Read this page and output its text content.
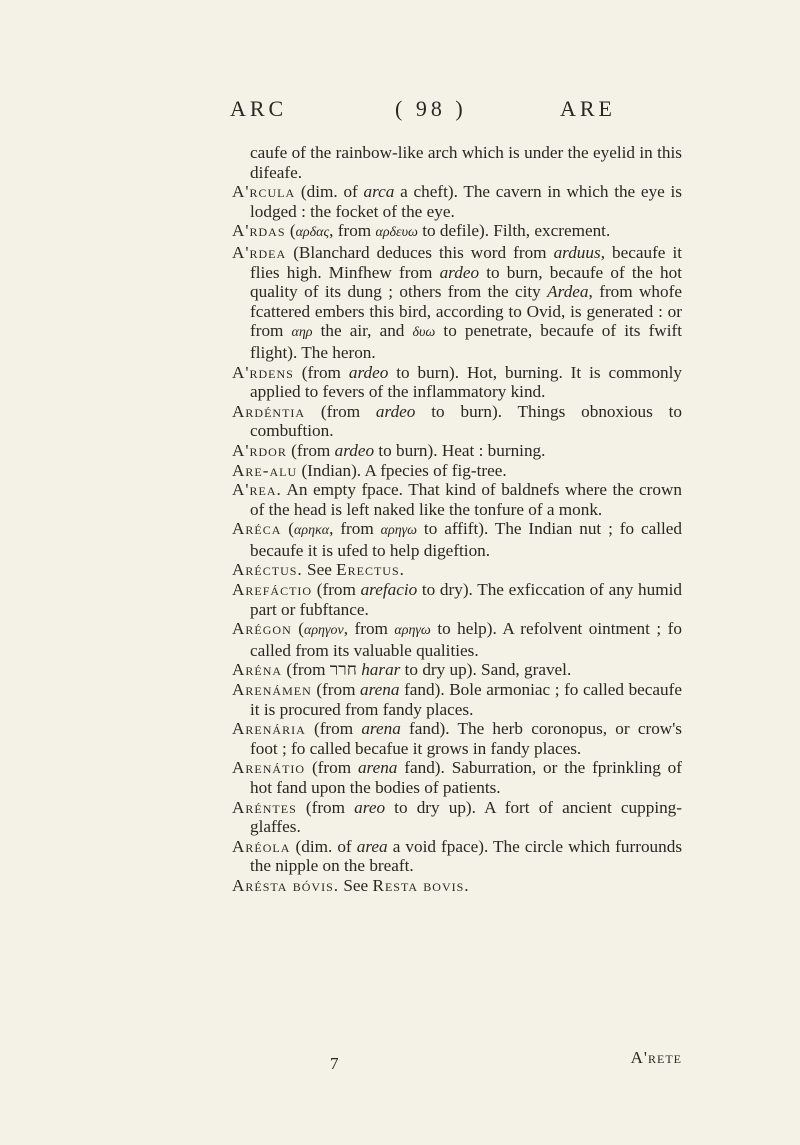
ARC	( 98 )	ARE

caufe of the rainbow-like arch which is under the eyelid in this difeafe.

A'rcula (dim. of arca a cheft). The cavern in which the eye is lodged : the focket of the eye.

A'rdas (αρδας, from αρδευω to defile). Filth, excrement.

A'rdea (Blanchard deduces this word from arduus, becaufe it flies high. Minfhew from ardeo to burn, becaufe of the hot quality of its dung ; others from the city Ardea, from whofe fcattered embers this bird, according to Ovid, is generated : or from αηρ the air, and δυω to penetrate, becaufe of its fwift flight). The heron.

A'rdens (from ardeo to burn). Hot, burning. It is commonly applied to fevers of the inflammatory kind.

Ardéntia (from ardeo to burn). Things obnoxious to combuftion.

A'rdor (from ardeo to burn). Heat : burning.

Are-alu (Indian). A fpecies of fig-tree.

A'rea. An empty fpace. That kind of baldnefs where the crown of the head is left naked like the tonfure of a monk.

Aréca (αρηκα, from αρηγω to affift). The Indian nut ; fo called becaufe it is ufed to help digeftion.

Aréctus. See Erectus.

Arefáctio (from arefacio to dry). The exficcation of any humid part or fubftance.

Arégon (αρηγον, from αρηγω to help). A refolvent ointment ; fo called from its valuable qualities.

Aréna (from חרר harar to dry up). Sand, gravel.

Arenámen (from arena fand). Bole armoniac ; fo called becaufe it is procured from fandy places.

Arenária (from arena fand). The herb coronopus, or crow's foot ; fo called becafue it grows in fandy places.

Arenátio (from arena fand). Saburration, or the fprinkling of hot fand upon the bodies of patients.

Aréntes (from areo to dry up). A fort of ancient cupping-glaffes.

Aréola (dim. of area a void fpace). The circle which furrounds the nipple on the breaft.

Arésta bóvis. See Resta bovis.

7	A'rete
